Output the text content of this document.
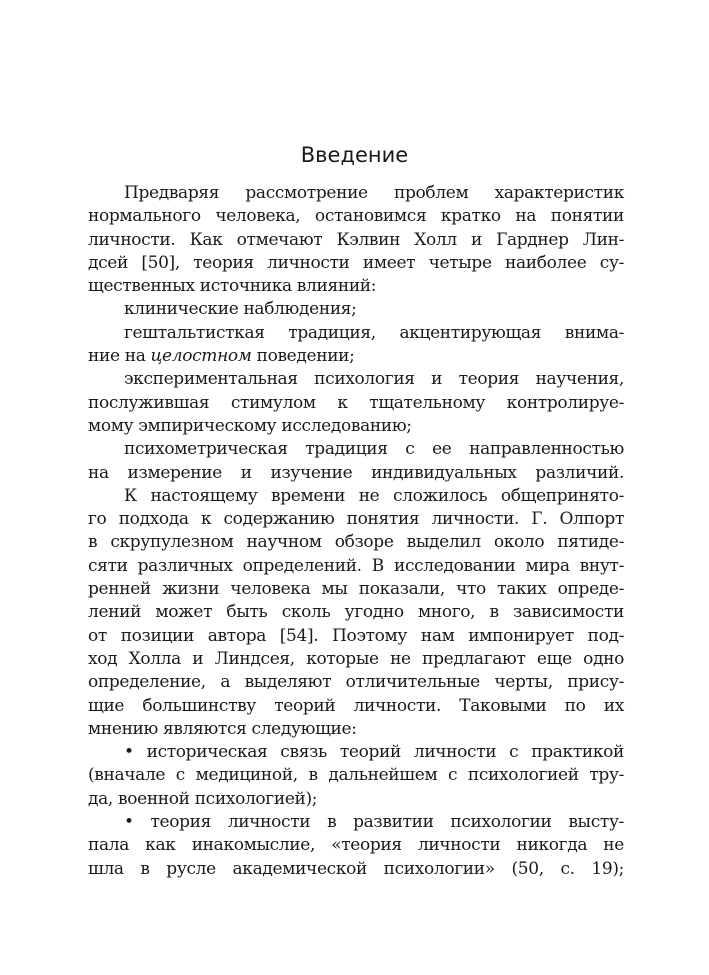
Введение
Предваряя рассмотрение проблем характеристик
нормального человека, остановимся кратко на понятии
личности. Как отмечают Кэлвин Холл и Гарднер Лин-
дсей [50], теория личности имеет четыре наиболее су-
щественных источника влияний:
клинические наблюдения;
гештальтисткая традиция, акцентирующая внима-
ние на целостном поведении;
экспериментальная психология и теория научения,
послужившая стимулом к тщательному контролируе-
мому эмпирическому исследованию;
психометрическая традиция с ее направленностью
на измерение и изучение индивидуальных различий.
К настоящему времени не сложилось общепринято-
го подхода к содержанию понятия личности. Г. Олпорт
в скрупулезном научном обзоре выделил около пятиде-
сяти различных определений. В исследовании мира внут-
ренней жизни человека мы показали, что таких опреде-
лений может быть сколь угодно много, в зависимости
от позиции автора [54]. Поэтому нам импонирует под-
ход Холла и Линдсея, которые не предлагают еще одно
определение, а выделяют отличительные черты, прису-
щие большинству теорий личности. Таковыми по их
мнению являются следующие:
• историческая связь теорий личности с практикой
(вначале с медициной, в дальнейшем с психологией тру-
да, военной психологией);
• теория личности в развитии психологии высту-
пала как инакомыслие, «теория личности никогда не
шла в русле академической психологии» (50, с. 19);
